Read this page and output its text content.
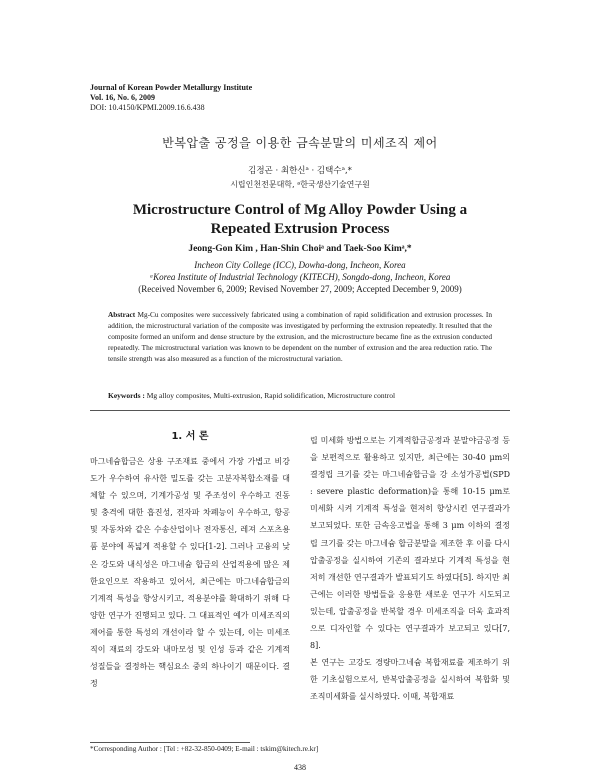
Journal of Korean Powder Metallurgy Institute
Vol. 16, No. 6, 2009
DOI: 10.4150/KPMI.2009.16.6.438
반복압출 공정을 이용한 금속분말의 미세조직 제어
김정곤 · 최한신ᵃ · 김택수ᵃ,*
시립인천전문대학, ᵃ한국생산기술연구원
Microstructure Control of Mg Alloy Powder Using a
Repeated Extrusion Process
Jeong-Gon Kim , Han-Shin Choiᵃ and Taek-Soo Kimᵃ,*
Incheon City College (ICC), Dowha-dong, Incheon, Korea
ᵃKorea Institute of Industrial Technology (KITECH), Songdo-dong, Incheon, Korea
(Received November 6, 2009; Revised November 27, 2009; Accepted December 9, 2009)
Abstract Mg-Cu composites were successively fabricated using a combination of rapid solidification and extrusion processes. In addition, the microstructural variation of the composite was investigated by performing the extrusion repeatedly. It resulted that the composite formed an uniform and dense structure by the extrusion, and the microstructure became fine as the extrusion conducted repeatedly. The microstructural variation was known to be dependent on the number of extrusion and the area reduction ratio. The tensile strength was also measured as a function of the microstructural variation.
Keywords : Mg alloy composites, Multi-extrusion, Rapid solidification, Microstructure control
1. 서 론

마그네슘합금은 상용 구조재료 중에서 가장 가볍고 비강도가 우수하여 유사한 밀도를 갖는 고분자복합소재를 대체할 수 있으며, 기계가공성 및 주조성이 우수하고 진동 및 충격에 대한 흡진성, 전자파 차폐능이 우수하고, 항공 및 자동차와 같은 수송산업이나 전자통신, 레져 스포츠용품 분야에 폭넓게 적용할 수 있다[1-2]. 그러나 고융의 낮은 강도와 내식성은 마그네슘 합금의 산업적용에 많은 제한요인으로 작용하고 있어서, 최근에는 마그네슘합금의 기계적 특성을 향상시키고, 적용분야를 확대하기 위해 다양한 연구가 진행되고 있다. 그 대표적인 예가 미세조직의 제어를 통한 특성의 개선이라 할 수 있는데, 이는 미세조직이 재료의 강도와 내마모성 및 인성 등과 같은 기계적 성질들을 결정하는 핵심요소 중의 하나이기 때문이다. 결정

립 미세화 방법으로는 기계적합금공정과 분말야금공정 등을 보편적으로 활용하고 있지만, 최근에는 30-40 μm의 결정립 크기를 갖는 마그네슘합금을 강 소성가공법(SPD : severe plastic deformation)을 통해 10-15 μm로 미세화 시켜 기계적 특성을 현저히 향상시킨 연구결과가 보고되었다. 또한 금속응고법을 통해 3 μm 이하의 결정립 크기를 갖는 마그네슘 합금분말을 제조한 후 이를 다시 압출공정을 실시하여 기존의 결과보다 기계적 특성을 현저히 개선한 연구결과가 발표되기도 하였다[5]. 하지만 최근에는 이러한 방법들을 응용한 새로운 연구가 시도되고 있는데, 압출공정을 반복할 경우 미세조직을 더욱 효과적으로 디자인할 수 있다는 연구결과가 보고되고 있다[7, 8].
본 연구는 고강도 경량마그네슘 복합재료를 제조하기 위한 기초실험으로서, 반복압출공정을 실시하여 복합화 및 조직미세화를 실시하였다. 이때, 복합재료

*Corresponding Author : [Tel : +82-32-850-0409; E-mail : tskim@kitech.re.kr]
438
